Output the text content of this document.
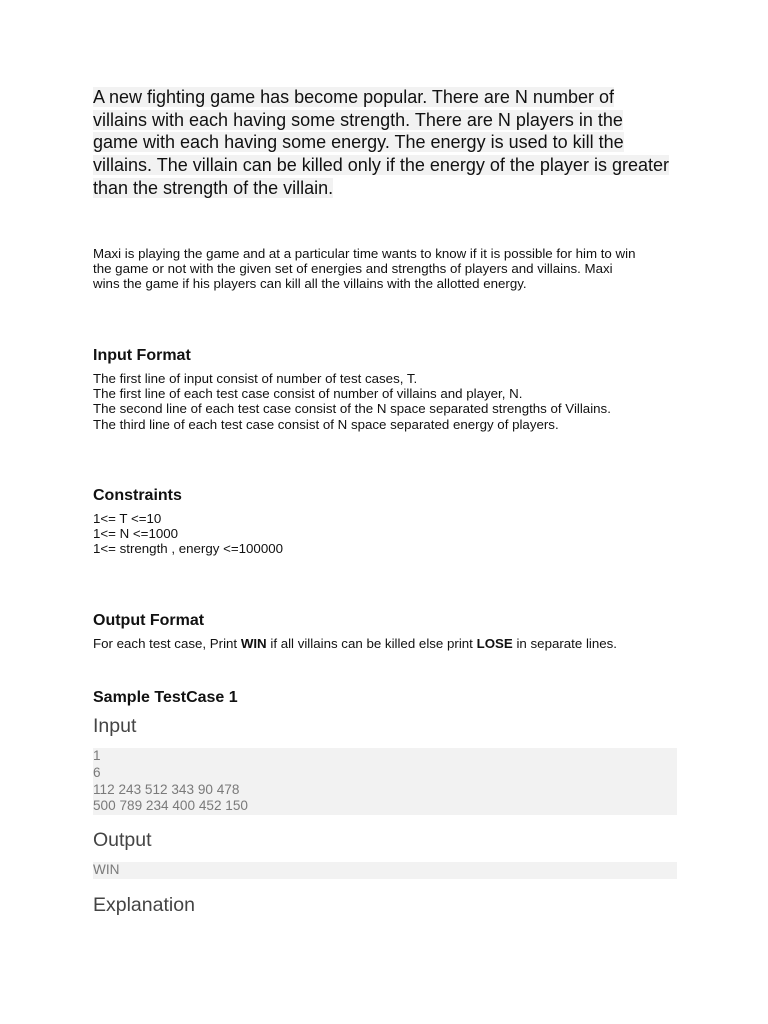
A new fighting game has become popular. There are N number of
villains with each having some strength. There are N players in the
game with each having some energy. The energy is used to kill the
villains. The villain can be killed only if the energy of the player is greater
than the strength of the villain.
Maxi is playing the game and at a particular time wants to know if it is possible for him to win
the game or not with the given set of energies and strengths of players and villains. Maxi
wins the game if his players can kill all the villains with the allotted energy.
Input Format
The first line of input consist of number of test cases, T.
The first line of each test case consist of number of villains and player, N.
The second line of each test case consist of the N space separated strengths of Villains.
The third line of each test case consist of N space separated energy of players.
Constraints
1<= T <=10
1<= N <=1000
1<= strength , energy <=100000
Output Format
For each test case, Print WIN if all villains can be killed else print LOSE in separate lines.
Sample TestCase 1
Input
1
6
112 243 512 343 90 478
500 789 234 400 452 150
Output
WIN
Explanation
